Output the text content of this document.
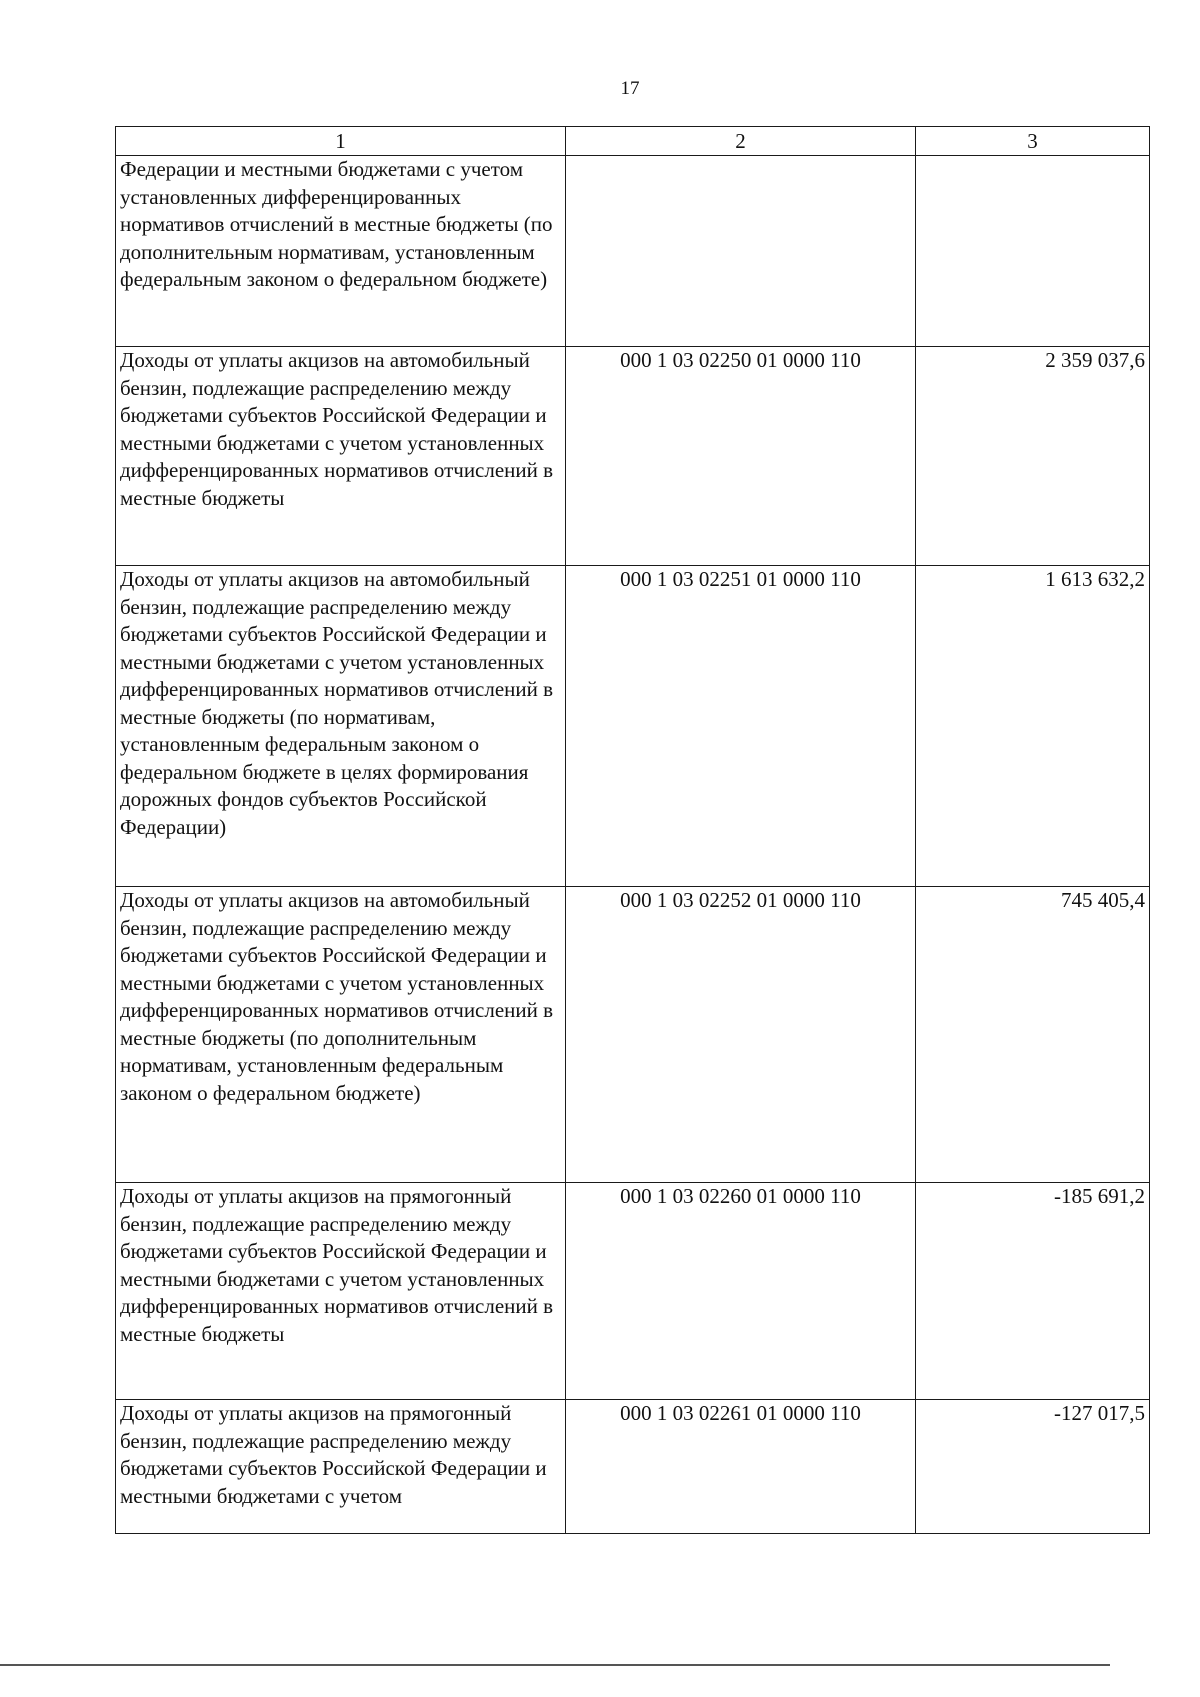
17
1	2	3
Федерации и местными бюджетами с учетом установленных дифференцированных нормативов отчислений в местные бюджеты (по дополнительным нормативам, установленным федеральным законом о федеральном бюджете)		
Доходы от уплаты акцизов на автомобильный бензин, подлежащие распределению между бюджетами субъектов Российской Федерации и местными бюджетами с учетом установленных дифференцированных нормативов отчислений в местные бюджеты	000 1 03 02250 01 0000 110	2 359 037,6
Доходы от уплаты акцизов на автомобильный бензин, подлежащие распределению между бюджетами субъектов Российской Федерации и местными бюджетами с учетом установленных дифференцированных нормативов отчислений в местные бюджеты (по нормативам, установленным федеральным законом о федеральном бюджете в целях формирования дорожных фондов субъектов Российской Федерации)	000 1 03 02251 01 0000 110	1 613 632,2
Доходы от уплаты акцизов на автомобильный бензин, подлежащие распределению между бюджетами субъектов Российской Федерации и местными бюджетами с учетом установленных дифференцированных нормативов отчислений в местные бюджеты (по дополнительным нормативам, установленным федеральным законом о федеральном бюджете)	000 1 03 02252 01 0000 110	745 405,4
Доходы от уплаты акцизов на прямогонный бензин, подлежащие распределению между бюджетами субъектов Российской Федерации и местными бюджетами с учетом установленных дифференцированных нормативов отчислений в местные бюджеты	000 1 03 02260 01 0000 110	-185 691,2
Доходы от уплаты акцизов на прямогонный бензин, подлежащие распределению между бюджетами субъектов Российской Федерации и местными бюджетами с учетом	000 1 03 02261 01 0000 110	-127 017,5
